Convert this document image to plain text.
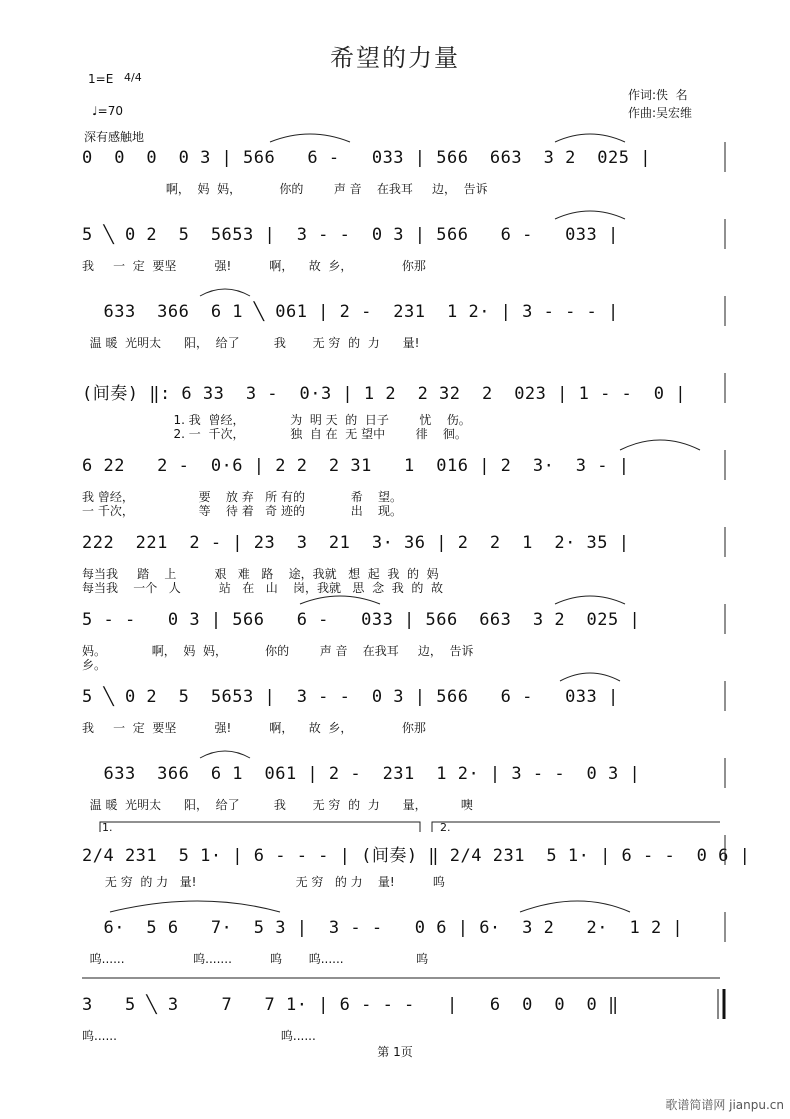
希望的力量
1=E 4/4
♩=70
作词:佚  名
作曲:吴宏维
深有感触地
0  0  0  0 3 | 566   6 -   033 | 566  663  3 2  025 |
啊，  妈  妈，          你的        声 音    在我耳     边，  告诉
5 ╲ 0 2  5  5653 |  3 - -  0 3 | 566   6 -   033 |
我     一  定  要坚          强!          啊，    故  乡，             你那
633  366  6 1 ╲ 061 | 2 -  231  1 2· | 3 - - - |
温 暖  光明太      阳，  给了         我       无 穷  的  力      量!
(间奏) ‖: 6 33  3 -  0·3 | 1 2  2 32  2  023 | 1 - -  0 |
1. 我  曾经，            为  明 天  的  日子        忧    伤。
2. 一  千次，            独  自 在  无 望中        徘    徊。
6 22   2 -  0·6 | 2 2  2 31   1  016 | 2  3·  3 - |
我 曾经，                 要    放 弃   所 有的            希    望。
一 千次，                 等    待 着   奇 迹的            出    现。
222  221  2 - | 23  3  21  3· 36 | 2  2  1  2· 35 |
每当我     踏    上          艰   难   路    途，我就   想  起  我  的  妈
每当我    一个   人          站   在   山    岗，我就   思  念  我  的  故
5 - -   0 3 | 566   6 -   033 | 566  663  3 2  025 |
妈。            啊，  妈  妈，          你的        声 音    在我耳     边，  告诉
乡。
5 ╲ 0 2  5  5653 |  3 - -  0 3 | 566   6 -   033 |
我     一  定  要坚          强!          啊，    故  乡，             你那
633  366  6 1  061 | 2 -  231  1 2· | 3 - -  0 3 |
温 暖  光明太      阳，  给了         我       无 穷  的  力      量，         噢
1.	2.
2/4 231  5 1· | 6 - - - | (间奏) ‖ 2/4 231  5 1· | 6 - -  0 6 |
无 穷  的 力   量!                          无 穷   的 力    量!          呜
6·  5 6   7·  5 3 |  3 - -   0 6 | 6·  3 2   2·  1 2 |
呜......                  呜.......          呜       呜......                   呜
3   5 ╲ 3    7   7 1· | 6 - - -   |   6  0  0  0 ‖
呜......                                           呜......
第 1页
歌谱简谱网 jianpu.cn
